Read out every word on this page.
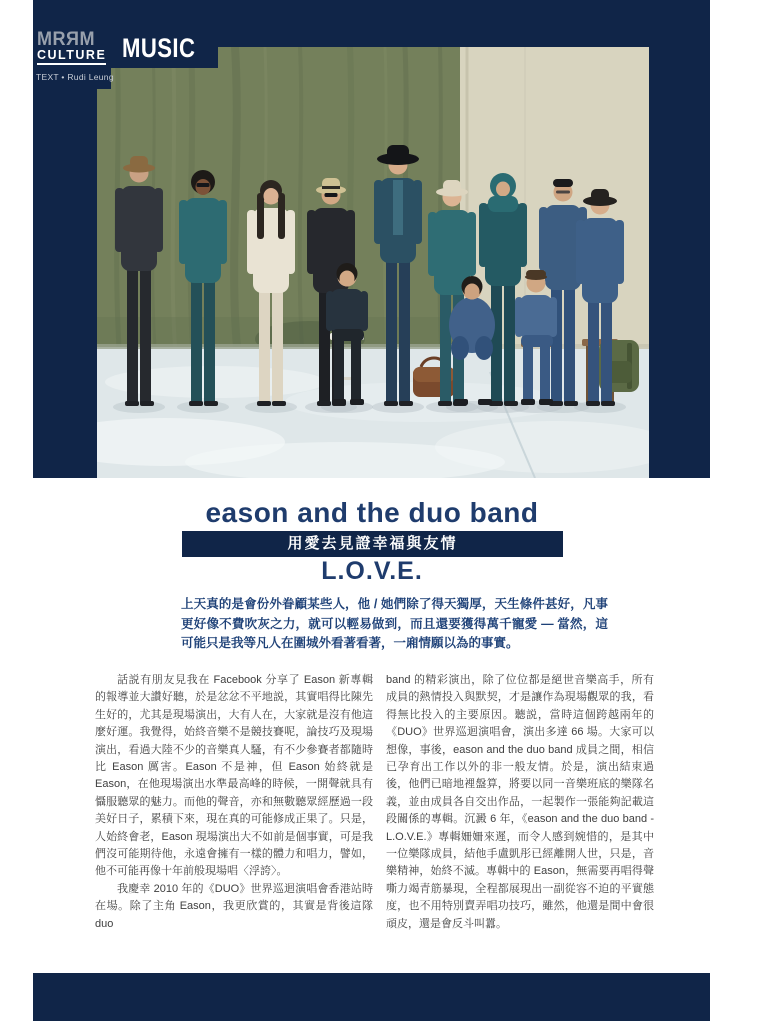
MRЯM
CULTURE MUSIC
TEXT • Rudi Leung
eason and the duo band
用愛去見證幸福與友情
L.O.V.E.

上天真的是會份外眷顧某些人，他 / 她們除了得天獨厚，天生條件甚好，凡事更好像不費吹灰之力，就可以輕易做到，而且還要獲得萬千寵愛 — 當然，這可能只是我等凡人在圍城外看著看著，一廂情願以為的事實。

話説有朋友見我在 Facebook 分享了 Eason 新專輯的報導並大讚好聽，於是忿忿不平地説，其實唱得比陳先生好的，尤其是現場演出，大有人在，大家就是沒有他這麼好運。我覺得，始終音樂不是競技賽呢，論技巧及現場演出，看過大陸不少的音樂真人騷，有不少參賽者都隨時比 Eason 厲害。Eason 不是神，但 Eason 始終就是 Eason，在他現場演出水準最高峰的時候，一開聲就具有懾服聽眾的魅力。而他的聲音，亦和無數聽眾經歷過一段美好日子，累積下來，現在真的可能修成正果了。只是，人始終會老，Eason 現場演出大不如前是個事實，可是我們沒可能期待他，永遠會擁有一樣的體力和唱力，譬如，他不可能再像十年前般現場唱〈浮誇〉。

我慶幸 2010 年的《DUO》世界巡迴演唱會香港站時在場。除了主角 Eason，我更欣賞的，其實是背後這隊 duo

band 的精彩演出，除了位位都是絕世音樂高手，所有成員的熱情投入與默契，才是讓作為現場觀眾的我，看得無比投入的主要原因。聽説，當時這個跨越兩年的《DUO》世界巡迴演唱會，演出多達 66 場。大家可以想像，事後，eason and the duo band 成員之間，相信已孕育出工作以外的非一般友情。於是，演出結束過後，他們已暗地裡盤算，將要以同一音樂班底的樂隊名義，並由成員各自交出作品，一起製作一張能夠記載這段關係的專輯。沉澱 6 年，《eason and the duo band - L.O.V.E.》專輯姍姍來遲，而令人感到婉惜的，是其中一位樂隊成員，結他手盧凱彤已經離開人世，只是，音樂精神，始終不滅。專輯中的 Eason，無需要再唱得聲嘶力竭青筋暴現，全程都展現出一副從容不迫的平實態度，也不用特別賣弄唱功技巧，雖然，他還是間中會很頑皮，還是會反斗叫囂。
